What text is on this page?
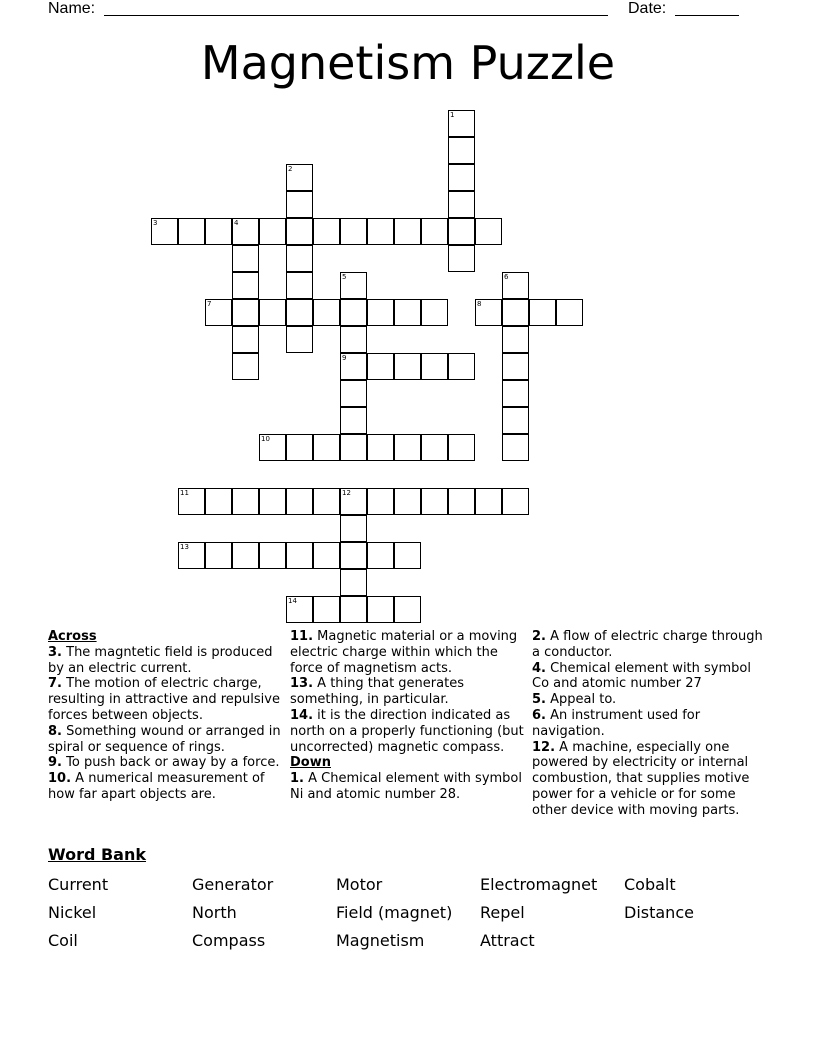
Name:	Date:
Magnetism Puzzle
1
2
3	4
5
9
6
7	8
10
11	12
13
14

Across

3. The magntetic field is produced by an electric current.

7. The motion of electric charge, resulting in attractive and repulsive forces between objects.

8. Something wound or arranged in spiral or sequence of rings.

9. To push back or away by a force.

10. A numerical measurement of how far apart objects are.

11. Magnetic material or a moving electric charge within which the force of magnetism acts.

13. A thing that generates something, in particular.

14. it is the direction indicated as north on a properly functioning (but uncorrected) magnetic compass.

Down

1. A Chemical element with symbol Ni and atomic number 28.

2. A flow of electric charge through a conductor.

4. Chemical element with symbol Co and atomic number 27

5. Appeal to.

6. An instrument used for navigation.

12. A machine, especially one powered by electricity or internal combustion, that supplies motive power for a vehicle or for some other device with moving parts.

Word Bank
Current	Generator	Motor	Electromagnet Cobalt
Nickel	North	Field (magnet) Repel	Distance
Coil	Compass	Magnetism	Attract
